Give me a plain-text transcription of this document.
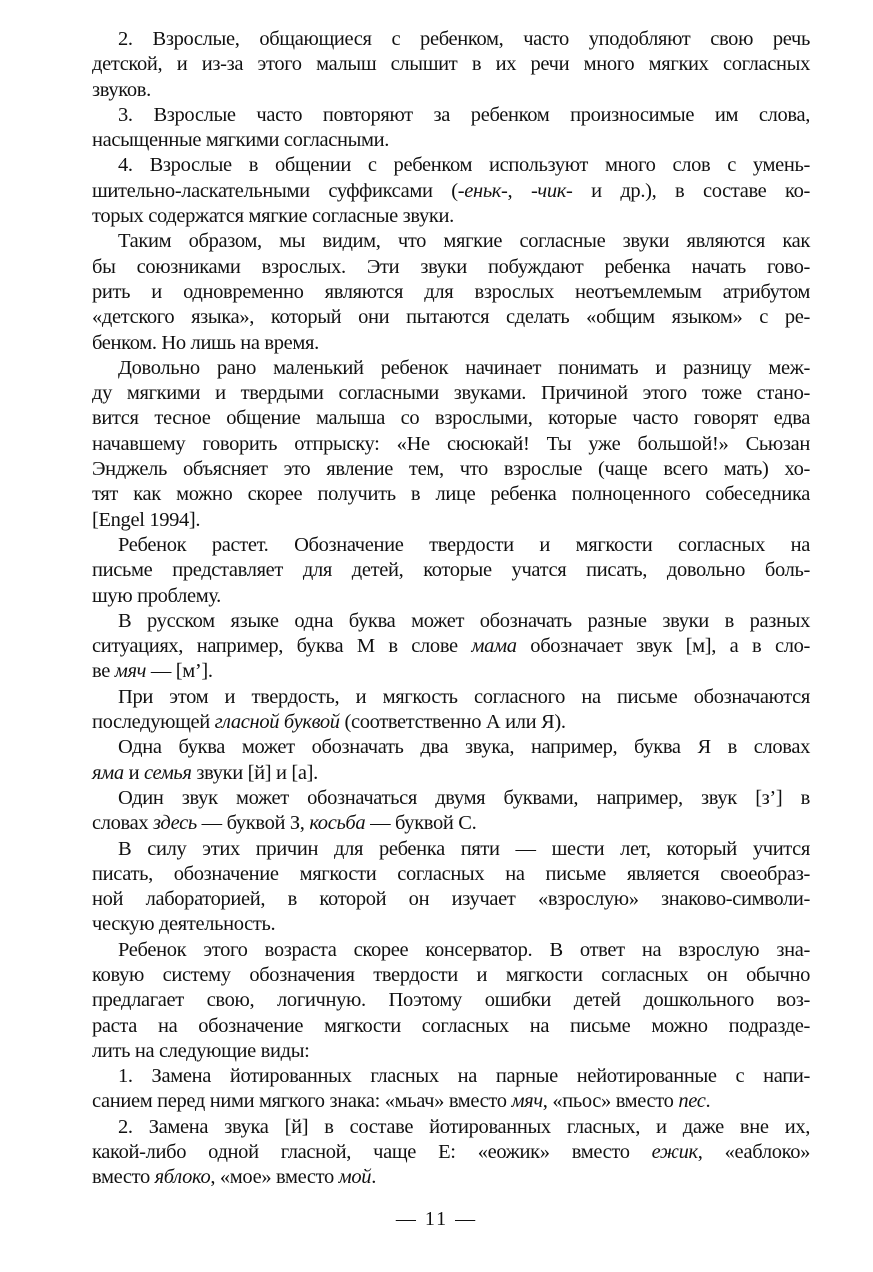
2. Взрослые, общающиеся с ребенком, часто уподобляют свою речь
детской, и из-за этого малыш слышит в их речи много мягких согласных
звуков.
3. Взрослые часто повторяют за ребенком произносимые им слова,
насыщенные мягкими согласными.
4. Взрослые в общении с ребенком используют много слов с умень-
шительно-ласкательными суффиксами (-еньк-, -чик- и др.), в составе ко-
торых содержатся мягкие согласные звуки.
Таким образом, мы видим, что мягкие согласные звуки являются как
бы союзниками взрослых. Эти звуки побуждают ребенка начать гово-
рить и одновременно являются для взрослых неотъемлемым атрибутом
«детского языка», который они пытаются сделать «общим языком» с ре-
бенком. Но лишь на время.
Довольно рано маленький ребенок начинает понимать и разницу меж-
ду мягкими и твердыми согласными звуками. Причиной этого тоже стано-
вится тесное общение малыша со взрослыми, которые часто говорят едва
начавшему говорить отпрыску: «Не сюсюкай! Ты уже большой!» Сьюзан
Энджель объясняет это явление тем, что взрослые (чаще всего мать) хо-
тят как можно скорее получить в лице ребенка полноценного собеседника
[Engel 1994].
Ребенок растет. Обозначение твердости и мягкости согласных на
письме представляет для детей, которые учатся писать, довольно боль-
шую проблему.
В русском языке одна буква может обозначать разные звуки в разных
ситуациях, например, буква М в слове мама обозначает звук [м], а в сло-
ве мяч — [м’].
При этом и твердость, и мягкость согласного на письме обозначаются
последующей гласной буквой (соответственно А или Я).
Одна буква может обозначать два звука, например, буква Я в словах
яма и семья звуки [й] и [а].
Один звук может обозначаться двумя буквами, например, звук [з’] в
словах здесь — буквой З, косьба — буквой С.
В силу этих причин для ребенка пяти — шести лет, который учится
писать, обозначение мягкости согласных на письме является своеобраз-
ной лабораторией, в которой он изучает «взрослую» знаково-символи-
ческую деятельность.
Ребенок этого возраста скорее консерватор. В ответ на взрослую зна-
ковую систему обозначения твердости и мягкости согласных он обычно
предлагает свою, логичную. Поэтому ошибки детей дошкольного воз-
раста на обозначение мягкости согласных на письме можно подразде-
лить на следующие виды:
1. Замена йотированных гласных на парные нейотированные с напи-
санием перед ними мягкого знака: «мьач» вместо мяч, «пьос» вместо пес.
2. Замена звука [й] в составе йотированных гласных, и даже вне их,
какой-либо одной гласной, чаще Е: «еожик» вместо ежик, «еаблоко»
вместо яблоко, «мое» вместо мой.
— 11 —
